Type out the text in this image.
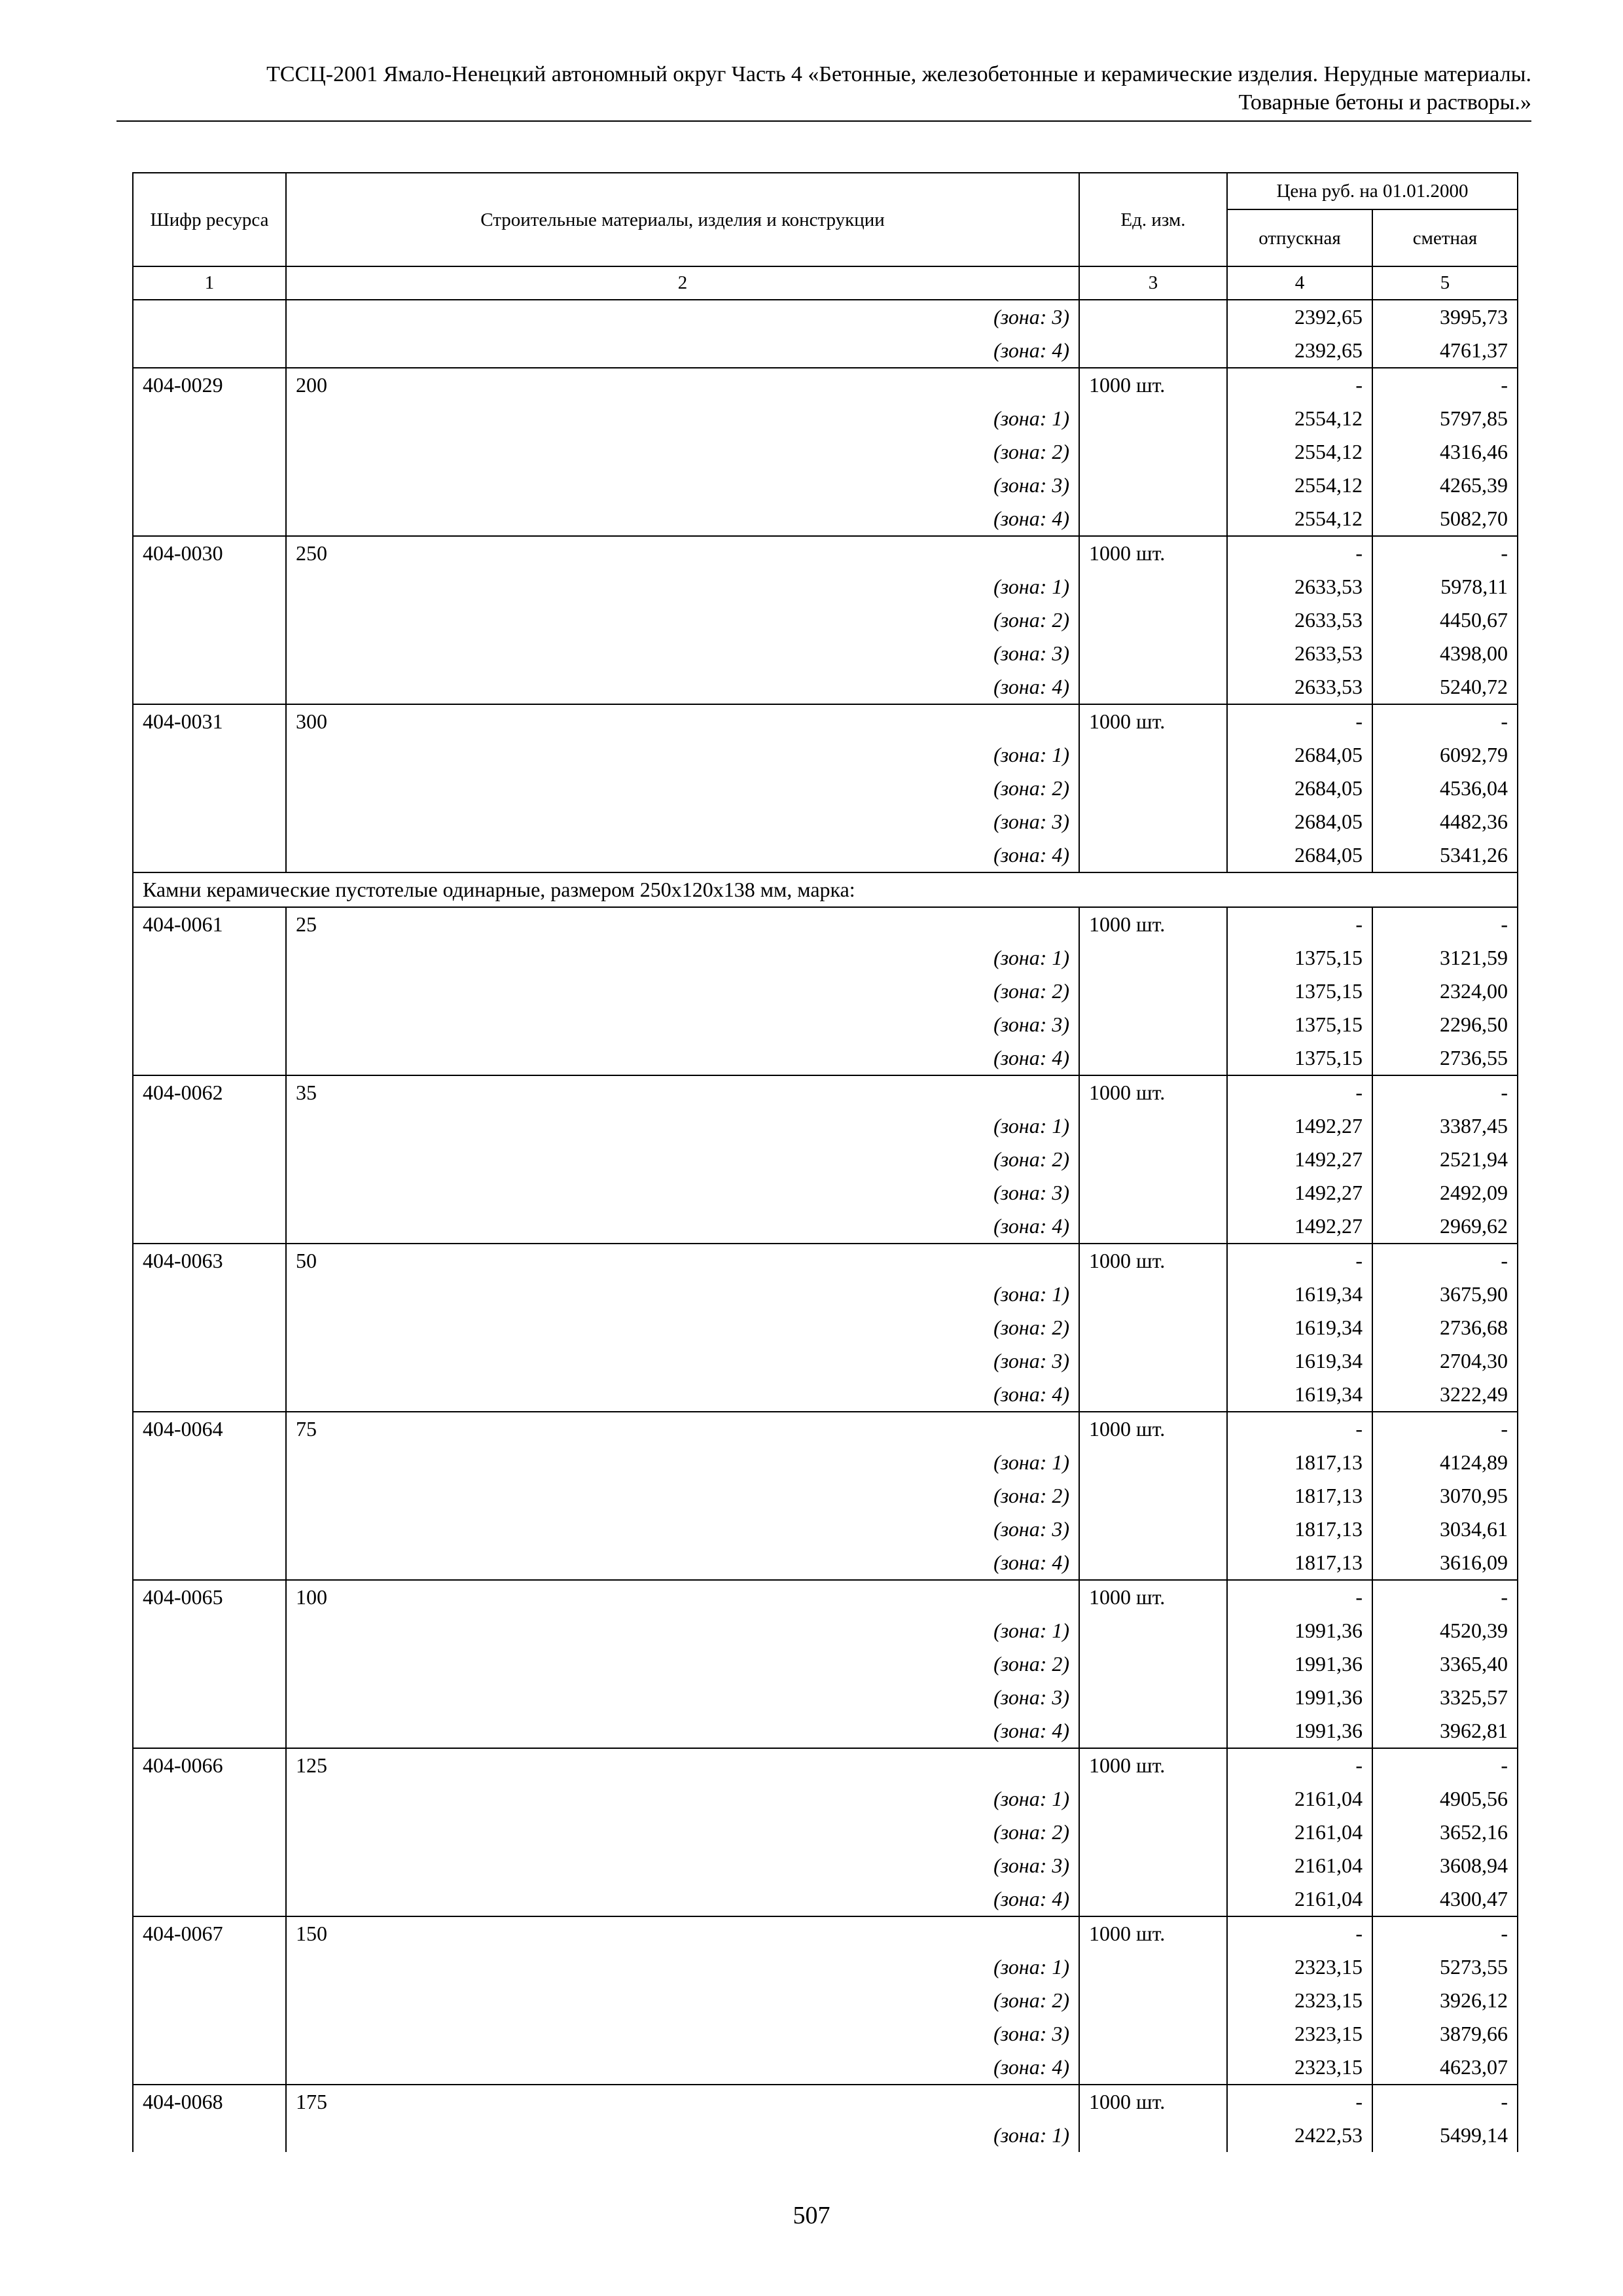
ТССЦ-2001 Ямало-Ненецкий автономный округ Часть 4 «Бетонные, железобетонные и керамические изделия. Нерудные материалы.
Товарные бетоны и растворы.»
Шифр ресурса	Строительные материалы, изделия и конструкции	Ед. изм.	Цена руб. на 01.01.2000	
			отпускная	сметная
1	2	3	4	5
	(зона: 3)		2392,65	3995,73
	(зона: 4)		2392,65	4761,37
404-0029	200	1000 шт.	-	-
	(зона: 1)		2554,12	5797,85
	(зона: 2)		2554,12	4316,46
	(зона: 3)		2554,12	4265,39
	(зона: 4)		2554,12	5082,70
404-0030	250	1000 шт.	-	-
	(зона: 1)		2633,53	5978,11
	(зона: 2)		2633,53	4450,67
	(зона: 3)		2633,53	4398,00
	(зона: 4)		2633,53	5240,72
404-0031	300	1000 шт.	-	-
	(зона: 1)		2684,05	6092,79
	(зона: 2)		2684,05	4536,04
	(зона: 3)		2684,05	4482,36
	(зона: 4)		2684,05	5341,26
Камни керамические пустотелые одинарные, размером 250х120х138 мм, марка:				
404-0061	25	1000 шт.	-	-
	(зона: 1)		1375,15	3121,59
	(зона: 2)		1375,15	2324,00
	(зона: 3)		1375,15	2296,50
	(зона: 4)		1375,15	2736,55
404-0062	35	1000 шт.	-	-
	(зона: 1)		1492,27	3387,45
	(зона: 2)		1492,27	2521,94
	(зона: 3)		1492,27	2492,09
	(зона: 4)		1492,27	2969,62
404-0063	50	1000 шт.	-	-
	(зона: 1)		1619,34	3675,90
	(зона: 2)		1619,34	2736,68
	(зона: 3)		1619,34	2704,30
	(зона: 4)		1619,34	3222,49
404-0064	75	1000 шт.	-	-
	(зона: 1)		1817,13	4124,89
	(зона: 2)		1817,13	3070,95
	(зона: 3)		1817,13	3034,61
	(зона: 4)		1817,13	3616,09
404-0065	100	1000 шт.	-	-
	(зона: 1)		1991,36	4520,39
	(зона: 2)		1991,36	3365,40
	(зона: 3)		1991,36	3325,57
	(зона: 4)		1991,36	3962,81
404-0066	125	1000 шт.	-	-
	(зона: 1)		2161,04	4905,56
	(зона: 2)		2161,04	3652,16
	(зона: 3)		2161,04	3608,94
	(зона: 4)		2161,04	4300,47
404-0067	150	1000 шт.	-	-
	(зона: 1)		2323,15	5273,55
	(зона: 2)		2323,15	3926,12
	(зона: 3)		2323,15	3879,66
	(зона: 4)		2323,15	4623,07
404-0068	175	1000 шт.	-	-
	(зона: 1)		2422,53	5499,14
507
